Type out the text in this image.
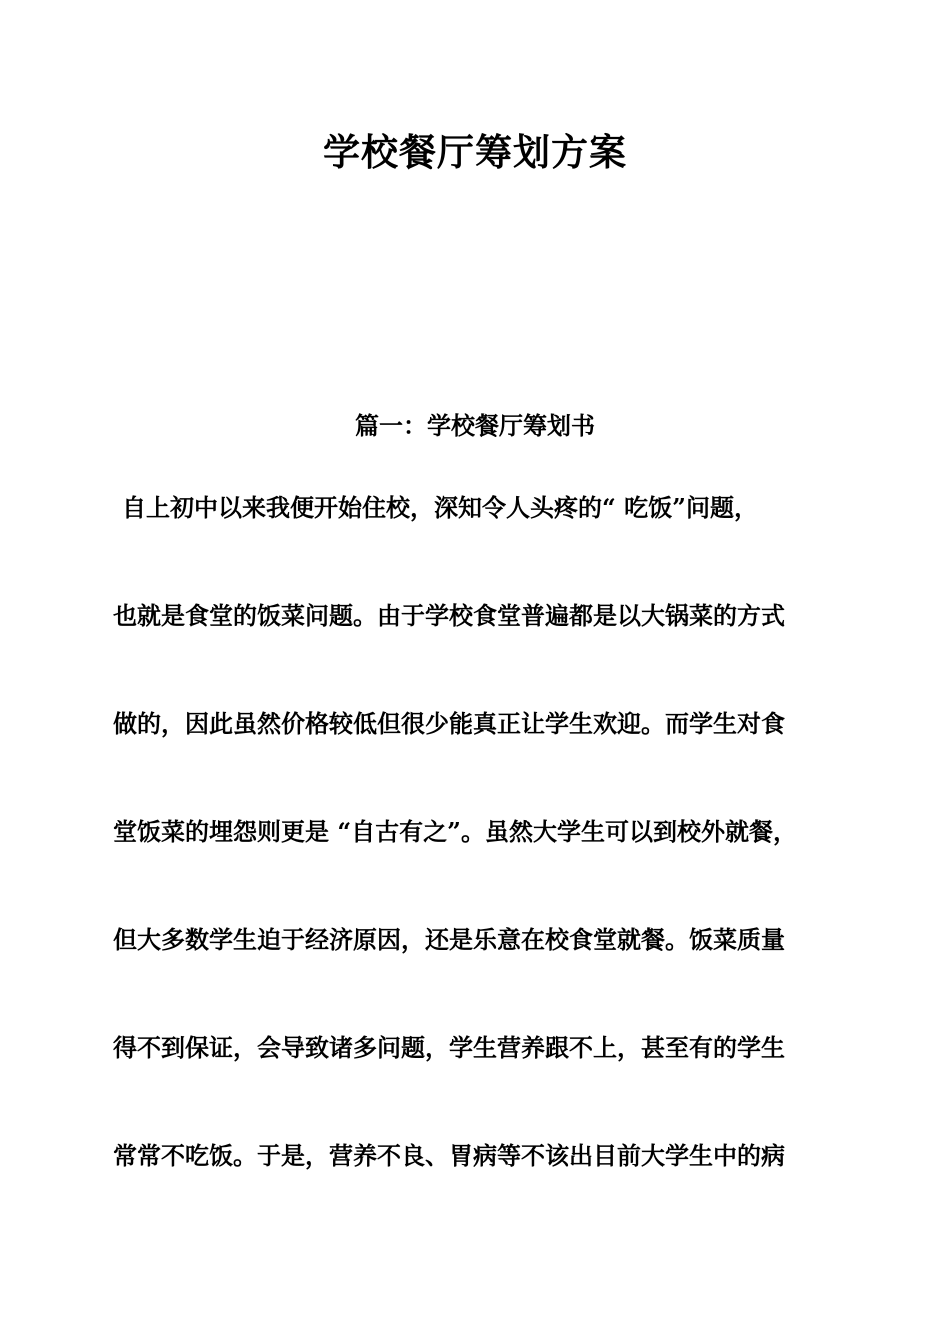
学校餐厅筹划方案
篇一：学校餐厅筹划书
自上初中以来我便开始住校，深知令人头疼的“ 吃饭”问题，
也就是食堂的饭菜问题。由于学校食堂普遍都是以大锅菜的方式
做的，因此虽然价格较低但很少能真正让学生欢迎。而学生对食
堂饭菜的埋怨则更是 “自古有之”。虽然大学生可以到校外就餐，
但大多数学生迫于经济原因，还是乐意在校食堂就餐。饭菜质量
得不到保证，会导致诸多问题，学生营养跟不上，甚至有的学生
常常不吃饭。于是，营养不良、胃病等不该出目前大学生中的病
